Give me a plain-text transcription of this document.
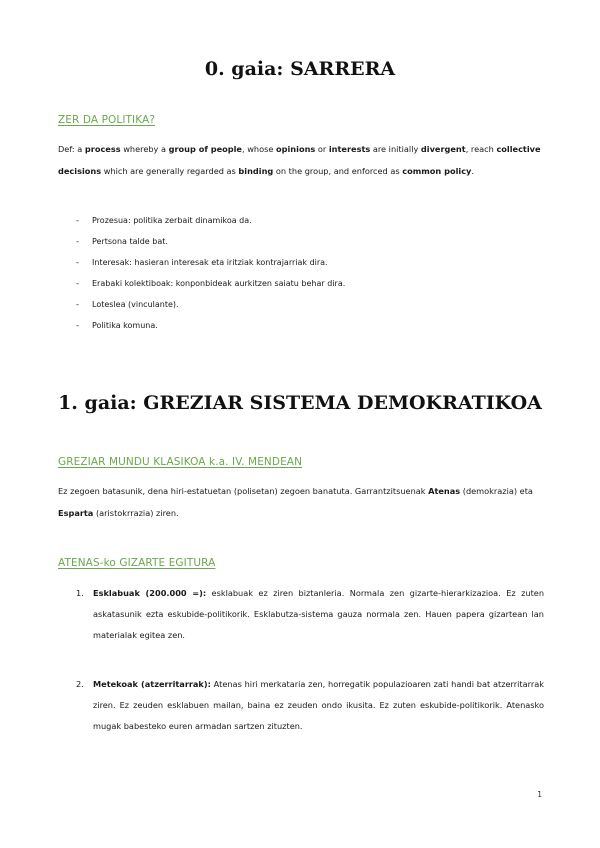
0. gaia: SARRERA
ZER DA POLITIKA?
Def: a process whereby a group of people, whose opinions or interests are initially divergent, reach collective decisions which are generally regarded as binding on the group, and enforced as common policy.
- Prozesua: politika zerbait dinamikoa da.
- Pertsona talde bat.
- Interesak: hasieran interesak eta iritziak kontrajarriak dira.
- Erabaki kolektiboak: konponbideak aurkitzen saiatu behar dira.
- Loteslea (vinculante).
- Politika komuna.
1. gaia: GREZIAR SISTEMA DEMOKRATIKOA
GREZIAR MUNDU KLASIKOA k.a. IV. MENDEAN
Ez zegoen batasunik, dena hiri-estatuetan (polisetan) zegoen banatuta. Garrantzitsuenak Atenas (demokrazia) eta Esparta (aristokrrazia) ziren.
ATENAS-ko GIZARTE EGITURA
1. Esklabuak (200.000 =): esklabuak ez ziren biztanleria. Normala zen gizarte-hierarkizazioa. Ez zuten askatasunik ezta eskubide-politikorik. Esklabutza-sistema gauza normala zen. Hauen papera gizartean lan materialak egitea zen.
2. Metekoak (atzerritarrak): Atenas hiri merkataria zen, horregatik populazioaren zati handi bat atzerritarrak ziren. Ez zeuden esklabuen mailan, baina ez zeuden ondo ikusita. Ez zuten eskubide-politikorik. Atenasko mugak babesteko euren armadan sartzen zituzten.
1
